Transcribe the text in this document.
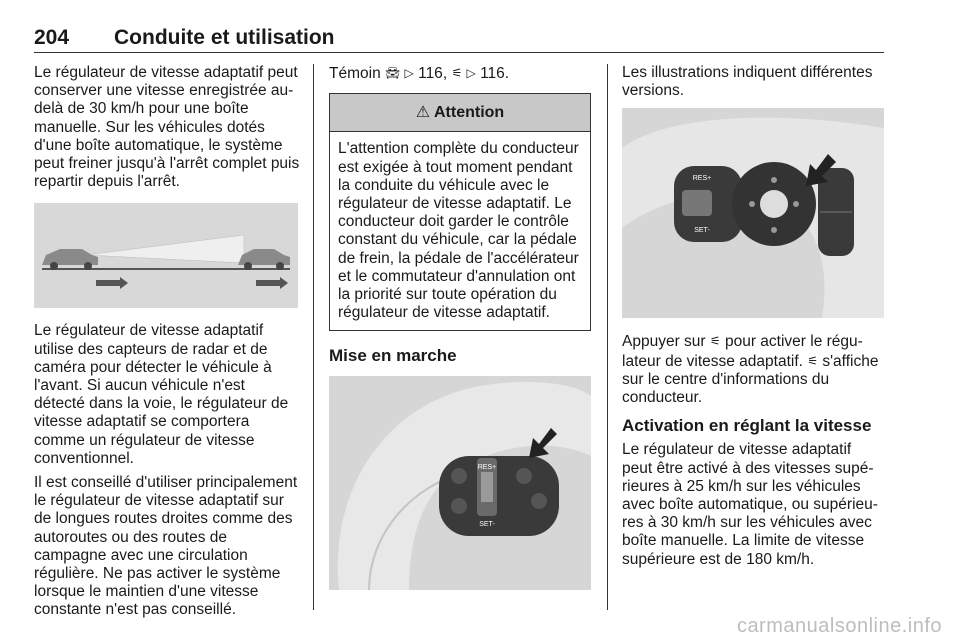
204 Conduite et utilisation

Le régulateur de vitesse adaptatif peut conserver une vitesse enregistrée au-delà de 30 km/h pour une boîte manuelle. Sur les véhicules dotés d'une boîte automatique, le système peut freiner jusqu'à l'arrêt complet puis repartir depuis l'arrêt.

Le régulateur de vitesse adaptatif utilise des capteurs de radar et de caméra pour détecter le véhicule à l'avant. Si aucun véhicule n'est détecté dans la voie, le régulateur de vitesse adaptatif se comportera comme un régulateur de vitesse conventionnel.

Il est conseillé d'utiliser principalement le régulateur de vitesse adaptatif sur de longues routes droites comme des autoroutes ou des routes de campagne avec une circulation régulière. Ne pas activer le système lorsque le maintien d'une vitesse constante n'est pas conseillé.

Témoin 🚘︎ ▷ 116, ⚟ ▷ 116.

⚠ Attention
L'attention complète du conducteur est exigée à tout moment pendant la conduite du véhicule avec le régulateur de vitesse adaptatif. Le conducteur doit garder le contrôle constant du véhicule, car la pédale de frein, la pédale de l'accélérateur et le commutateur d'annulation ont la priorité sur toute opération du régulateur de vitesse adaptatif.
Mise en marche
RES+
SET-

Les illustrations indiquent différentes versions.

RES+
SET-

Appuyer sur ⚟ pour activer le régulateur de vitesse adaptatif. ⚟ s'affiche sur le centre d'informations du conducteur.

Activation en réglant la vitesse

Le régulateur de vitesse adaptatif peut être activé à des vitesses supérieures à 25 km/h sur les véhicules avec boîte automatique, ou supérieures à 30 km/h sur les véhicules avec boîte manuelle. La limite de vitesse supérieure est de 180 km/h.

carmanualsonline.info
